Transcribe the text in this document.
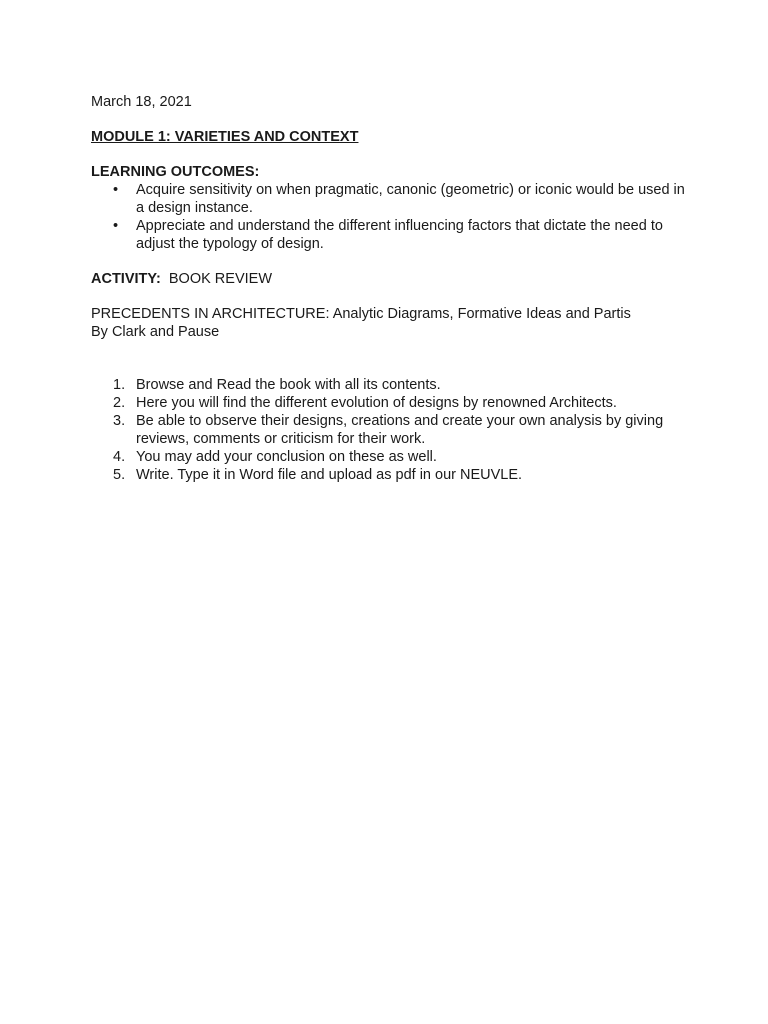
March 18, 2021

MODULE 1: VARIETIES AND CONTEXT

LEARNING OUTCOMES:

• Acquire sensitivity on when pragmatic, canonic (geometric) or iconic would be used in a design instance.
• Appreciate and understand the different influencing factors that dictate the need to adjust the typology of design.

ACTIVITY: BOOK REVIEW

PRECEDENTS IN ARCHITECTURE: Analytic Diagrams, Formative Ideas and Partis
By Clark and Pause
1. Browse and Read the book with all its contents.
2. Here you will find the different evolution of designs by renowned Architects.
3. Be able to observe their designs, creations and create your own analysis by giving reviews, comments or criticism for their work.
4. You may add your conclusion on these as well.
5. Write. Type it in Word file and upload as pdf in our NEUVLE.
